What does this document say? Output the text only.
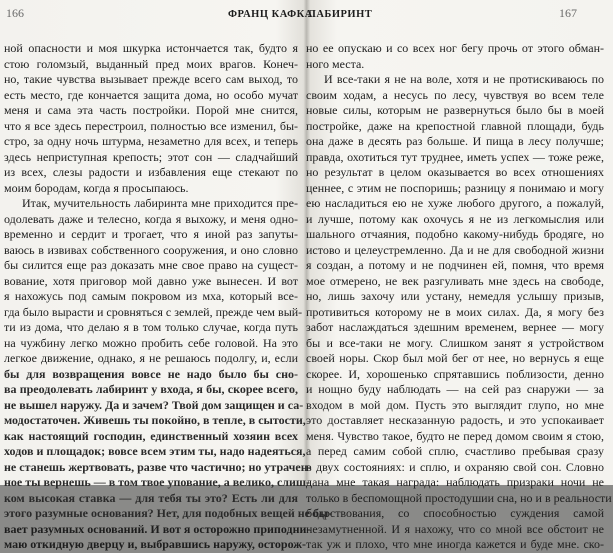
166	ФРАНЦ КАФКА
ной опасности и моя шкурка истончается так, будто я
стою голомзый, выданный пред моих врагов. Конеч-
но, такие чувства вызывает прежде всего сам выход, то
есть место, где кончается защита дома, но особо мучат
меня и сама эта часть постройки. Порой мне снится,
что я все здесь перестроил, полностью все изменил, бы-
стро, за одну ночь штурма, незаметно для всех, и теперь
здесь неприступная крепость; этот сон — сладчайший
из всех, слезы радости и избавления еще стекают по
моим бородам, когда я просыпаюсь.
Итак, мучительность лабиринта мне приходится пре-
одолевать даже и телесно, когда я выхожу, и меня одно-
временно и сердит и трогает, что я иной раз запуты-
ваюсь в извивах собственного сооружения, и оно словно
бы силится еще раз доказать мне свое право на сущест-
вование, хотя приговор мой давно уже вынесен. И вот
я нахожусь под самым покровом из мха, который все-
гда было вырасти и сровняться с землей, прежде чем вый-
ти из дома, что делаю я в том только случае, когда путь
на чужбину легко можно пробить себе головой. На это
легкое движение, однако, я не решаюсь подолгу, и, если
бы для возвращения вовсе не надо было бы сно-
ва преодолевать лабиринт у входа, я бы, скорее всего,
не вышел наружу. Да и зачем? Твой дом защищен и са-
модостаточен. Живешь ты покойно, в тепле, в сытости,
как настоящий господин, единственный хозяин всех
ходов и площадок; вовсе всем этим ты, надо надеяться,
не станешь жертвовать, разве что частично; но утрачен-
ное ты вернешь — в том твое упование, а велико, слиш-
ком высокая ставка — для тебя ты это? Есть ли для
этого разумные основания? Нет, для подобных вещей не бы-
вает разумных оснований. И вот я осторожно приподни-
маю откидную дверцу и, выбравшись наружу, осторож-
167
ЛАБИРИНТ
но ее опускаю и со всех ног бегу прочь от этого обман-
ного места.
И все-таки я не на воле, хотя и не протискиваюсь по
своим ходам, а несусь по лесу, чувствуя во всем теле
новые силы, которым не развернуться было бы в моей
постройке, даже на крепостной главной площади, будь
она даже в десять раз больше. И пища в лесу получше;
правда, охотиться тут труднее, иметь успех — тоже реже,
но результат в целом оказывается во всех отношениях
ценнее, с этим не поспоришь; разницу я понимаю и могу
ею насладиться ею не хуже любого другого, а пожалуй,
и лучше, потому как охочусь я не из легкомыслия или
шального отчаяния, подобно какому-нибудь бродяге, но
истово и целеустремленно. Да и не для свободной жизни
я создан, а потому и не подчинен ей, помня, что время
мое отмерено, не век разгуливать мне здесь на свободе,
но, лишь захочу или устану, немедля услышу призыв,
противиться которому не в моих силах. Да, я могу без
забот наслаждаться здешним временем, вернее — могу
бы и все-таки не могу. Слишком занят я устройством
своей норы. Скор был мой бег от нее, но вернусь я еще
скорее. И, хорошенько спрятавшись поблизости, денно
и нощно буду наблюдать — на сей раз снаружи — за
входом в мой дом. Пусть это выглядит глупо, но мне
это доставляет несказанную радость, и это успокаивает
меня. Чувство такое, будто не перед домом своим я стою,
а перед самим собой сплю, счастливо пребывая сразу
в двух состояниях: и сплю, и охраняю свой сон. Словно
дана мне такая награда: наблюдать призраки ночи не
только в беспомощной простодушии сна, но и в реальности
бодрствования, со способностью суждения самой
незамутненной. И я нахожу, что со мной все обстоит не
так уж и плохо, что мне иногда кажется и буде мне. ско-
